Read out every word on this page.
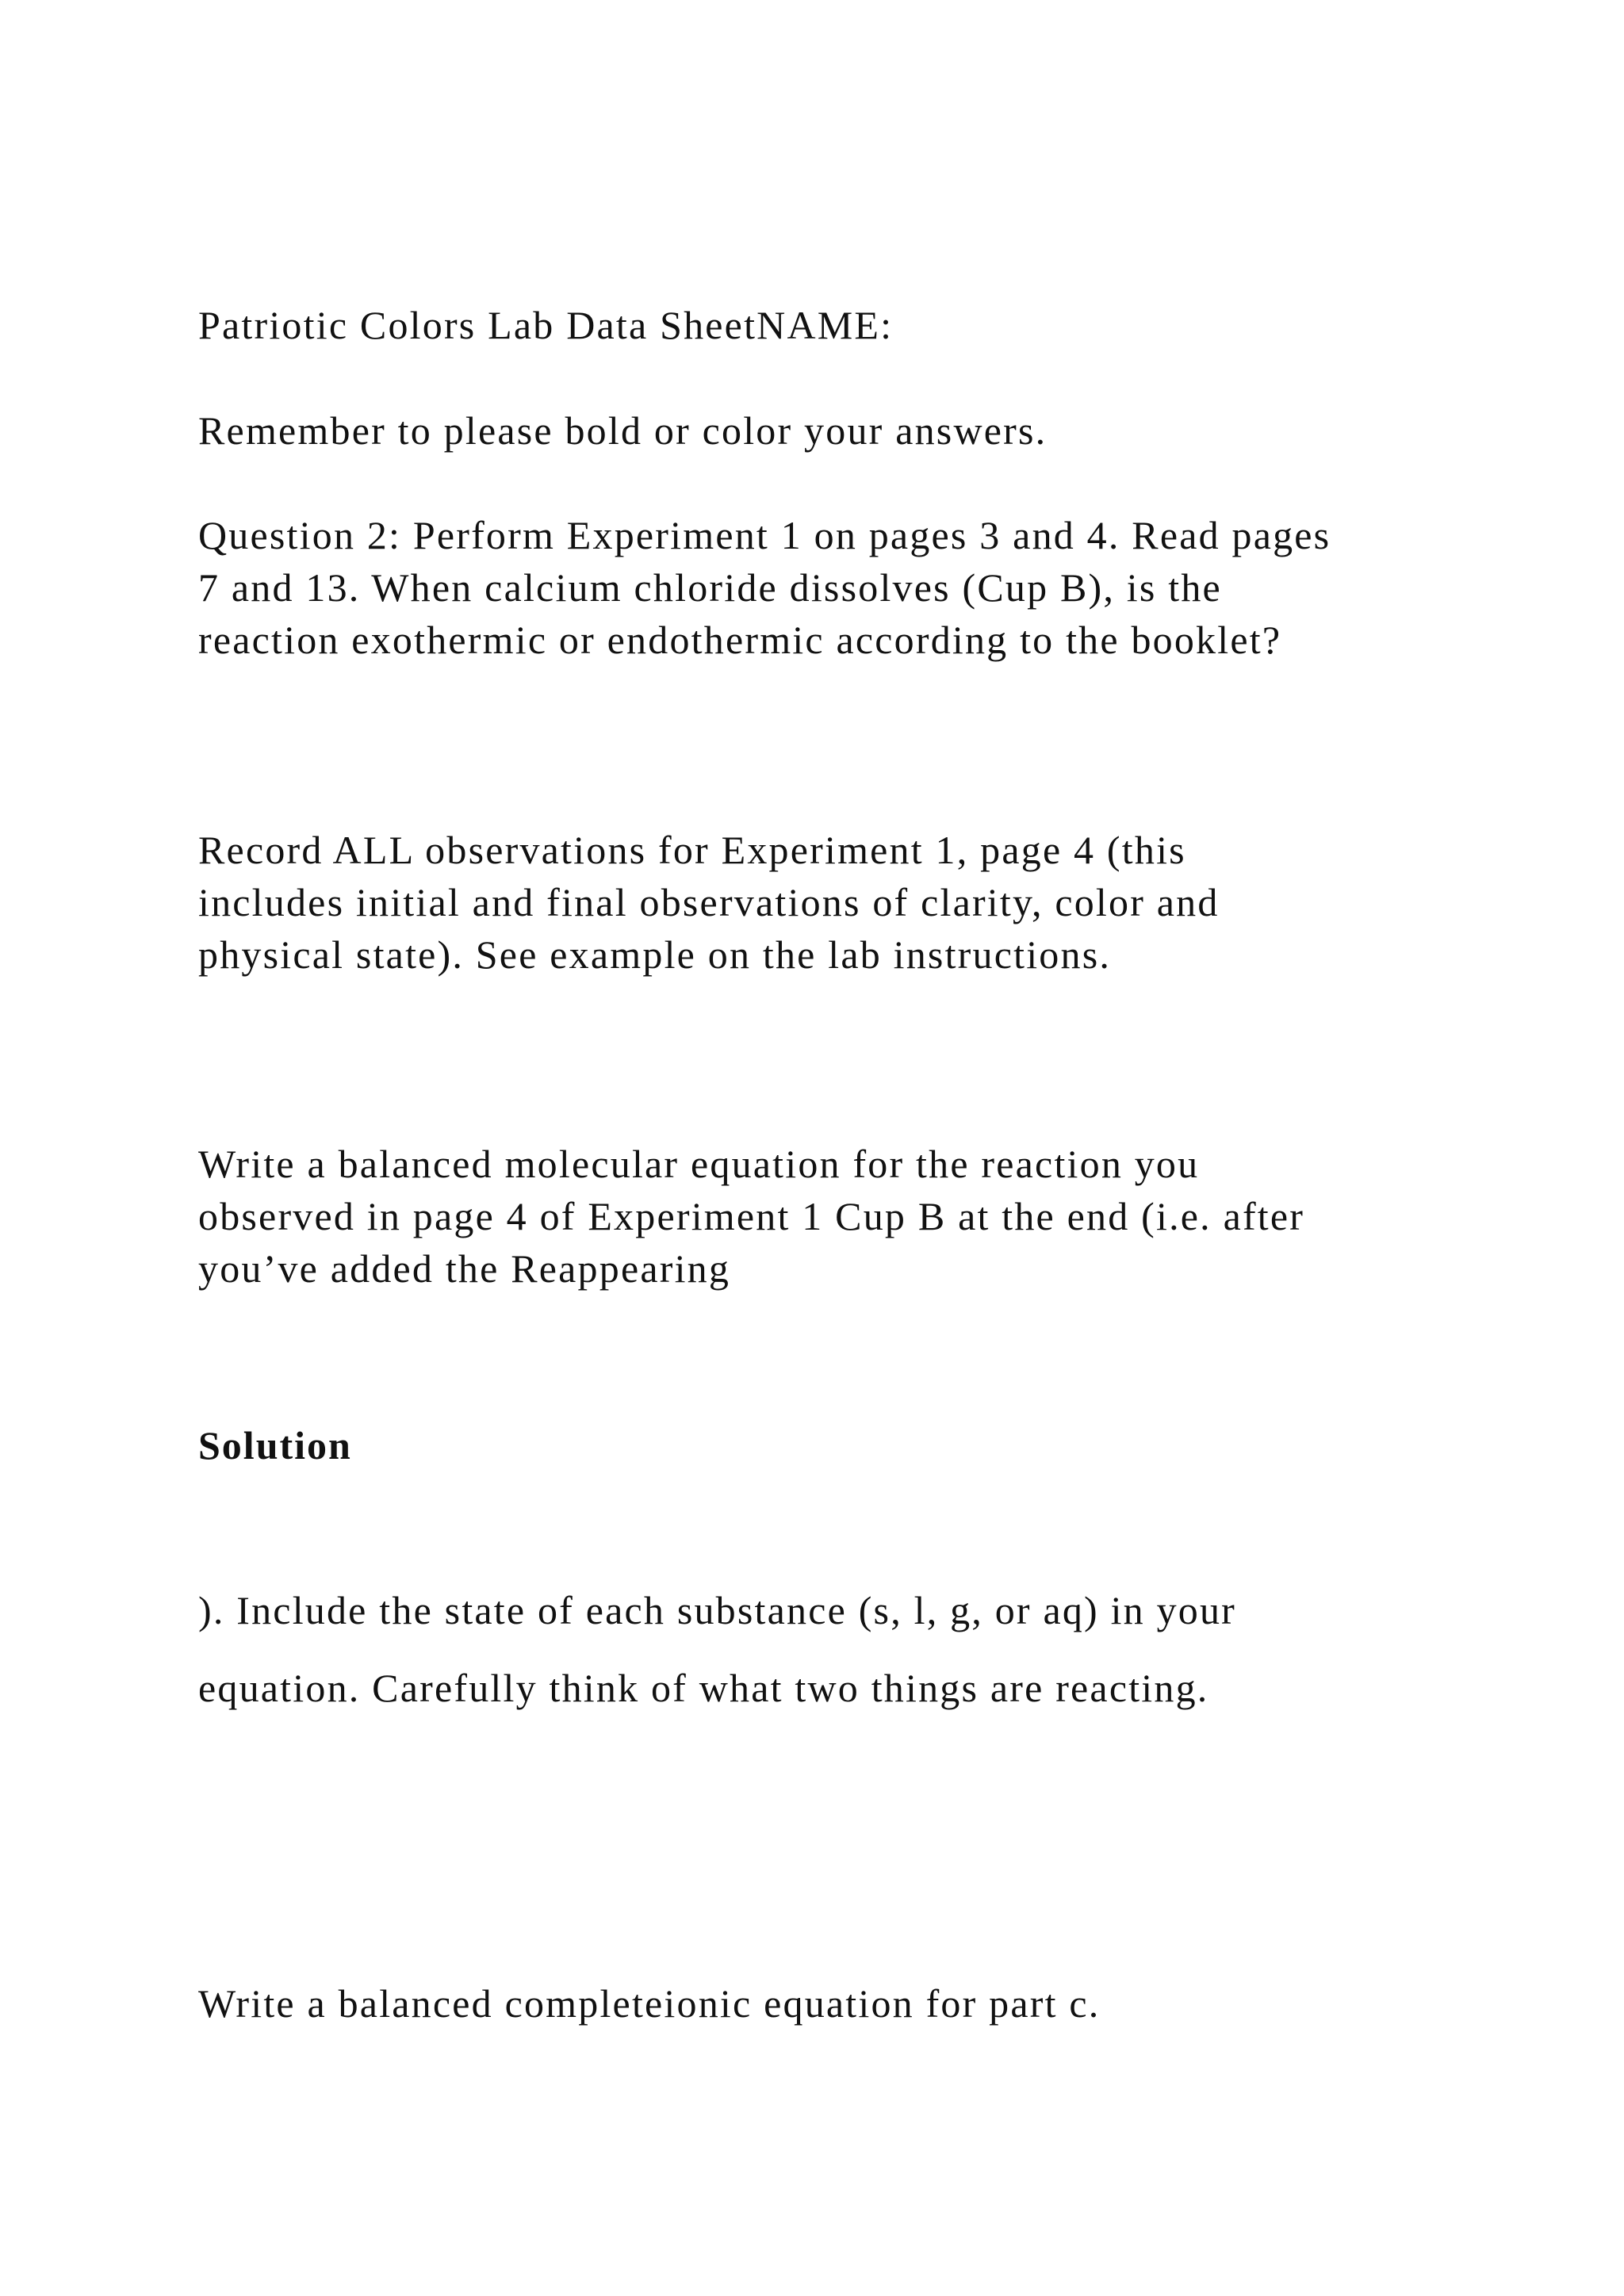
Patriotic Colors Lab Data SheetNAME:
Remember to please bold or color your answers.
Question 2: Perform Experiment 1 on pages 3 and 4. Read pages
7 and 13. When calcium chloride dissolves (Cup B), is the
reaction exothermic or endothermic according to the booklet?
Record ALL observations for Experiment 1, page 4 (this
includes initial and final observations of clarity, color and
physical state). See example on the lab instructions.
Write a balanced molecular equation for the reaction you
observed in page 4 of Experiment 1 Cup B at the end (i.e. after
you’ve added the Reappearing
Solution
). Include the state of each substance (s, l, g, or aq) in your
equation. Carefully think of what two things are reacting.
Write a balanced completeionic equation for part c.
